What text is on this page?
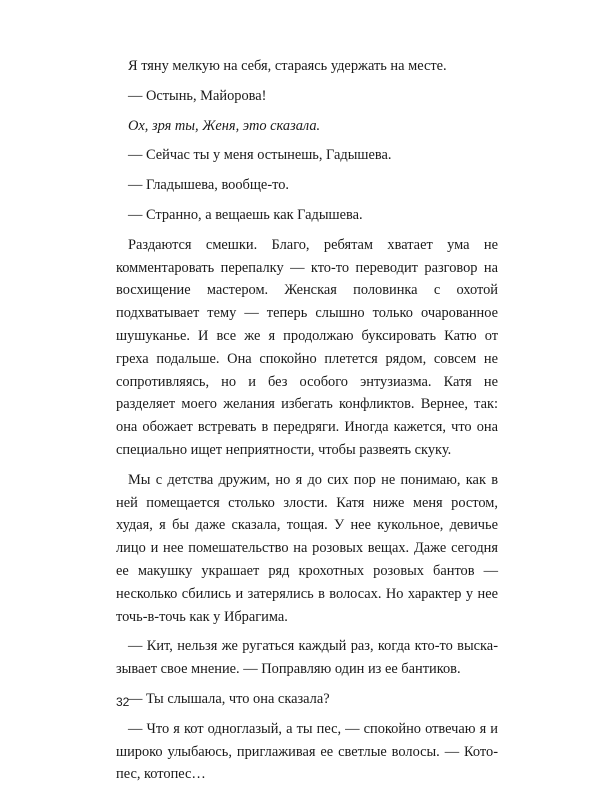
Я тяну мелкую на себя, стараясь удержать на месте.

— Остынь, Майорова!

Ох, зря ты, Женя, это сказала.

— Сейчас ты у меня остынешь, Гадышева.

— Гладышева, вообще-то.

— Странно, а вещаешь как Гадышева.

Раздаются смешки. Благо, ребятам хватает ума не комментаровать перепалку — кто-то переводит разговор на восхищение мастером. Женская половинка с охотой подхватывает тему — теперь слышно только очарованное шушуканье. И все же я продолжаю буксировать Катю от греха подальше. Она спокойно плетется рядом, совсем не сопротивляясь, но и без особого энтузиазма. Катя не разделяет моего желания избегать конфликтов. Вернее, так: она обожает встревать в передряги. Иногда кажется, что она специально ищет неприятности, чтобы развеять скуку.

Мы с детства дружим, но я до сих пор не понимаю, как в ней помещается столько злости. Катя ниже меня ростом, худая, я бы даже сказала, тощая. У нее кукольное, девичье лицо и нее помешательство на розовых вещах. Даже сегодня ее макушку украшает ряд крохотных розовых бантов — несколько сбились и затерялись в волосах. Но характер у нее точь-в-точь как у Ибрагима.

— Кит, нельзя же ругаться каждый раз, когда кто-то высказывает свое мнение. — Поправляю один из ее бантиков.

— Ты слышала, что она сказала?

— Что я кот одноглазый, а ты пес, — спокойно отвечаю я и широко улыбаюсь, приглаживая ее светлые волосы. — Котопес, котопес…

32
